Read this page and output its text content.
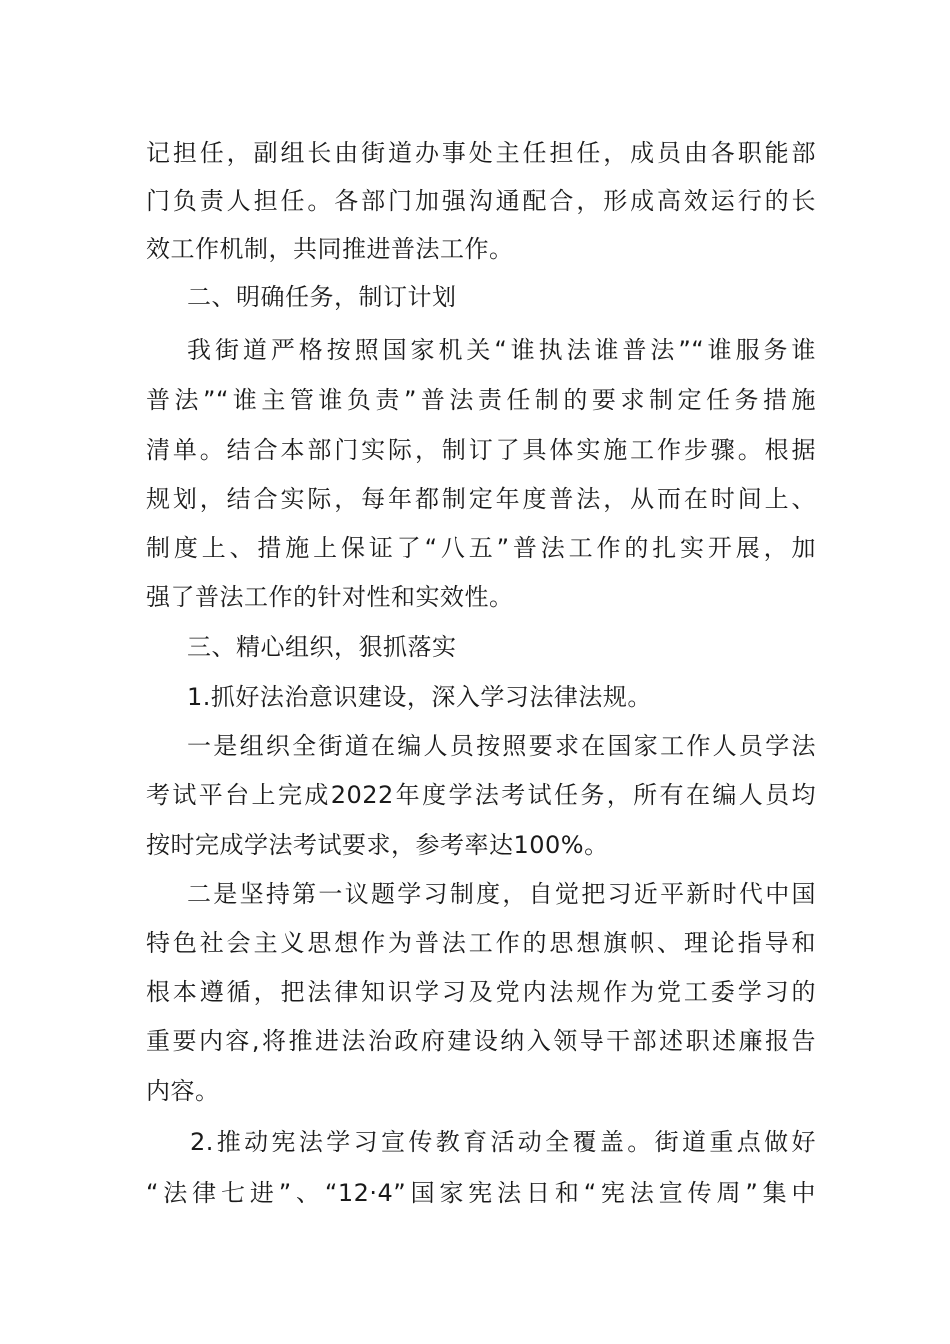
记担任，副组长由街道办事处主任担任，成员由各职能部
门负责人担任。各部门加强沟通配合，形成高效运行的长
效工作机制，共同推进普法工作。
二、明确任务，制订计划
我街道严格按照国家机关“谁执法谁普法”“谁服务谁
普法”“谁主管谁负责”普法责任制的要求制定任务措施
清单。结合本部门实际，制订了具体实施工作步骤。根据
规划，结合实际，每年都制定年度普法，从而在时间上、
制度上、措施上保证了“八五”普法工作的扎实开展，加
强了普法工作的针对性和实效性。
三、精心组织，狠抓落实
1.抓好法治意识建设，深入学习法律法规。
一是组织全街道在编人员按照要求在国家工作人员学法
考试平台上完成2022年度学法考试任务，所有在编人员均
按时完成学法考试要求，参考率达100%。
二是坚持第一议题学习制度，自觉把习近平新时代中国
特色社会主义思想作为普法工作的思想旗帜、理论指导和
根本遵循，把法律知识学习及党内法规作为党工委学习的
重要内容,将推进法治政府建设纳入领导干部述职述廉报告
内容。
2.推动宪法学习宣传教育活动全覆盖。街道重点做好
“法律七进”、“12·4”国家宪法日和“宪法宣传周”集中
